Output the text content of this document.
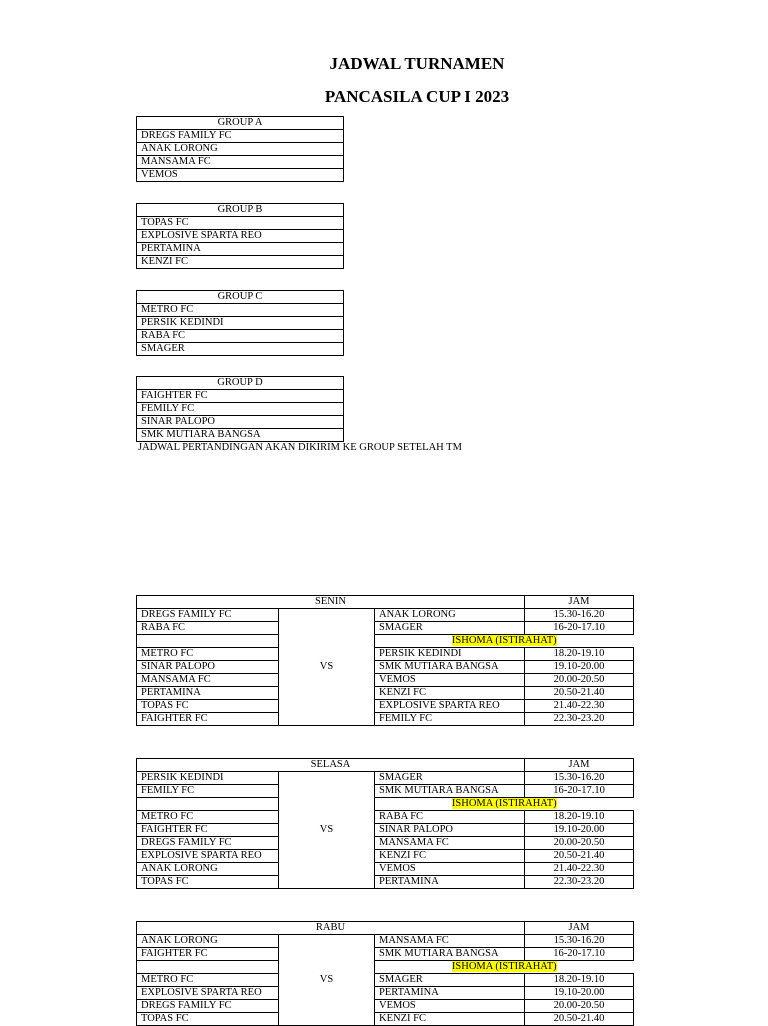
JADWAL TURNAMEN
PANCASILA CUP I 2023
GROUP A
DREGS FAMILY FC
ANAK LORONG
MANSAMA FC
VEMOS
GROUP B
TOPAS FC
EXPLOSIVE SPARTA REO
PERTAMINA
KENZI FC
GROUP C
METRO FC
PERSIK KEDINDI
RABA FC
SMAGER
GROUP D
FAIGHTER FC
FEMILY FC
SINAR PALOPO
SMK MUTIARA BANGSA
JADWAL PERTANDINGAN AKAN DIKIRIM KE GROUP SETELAH TM
SENIN			JAM
DREGS FAMILY FC	VS	ANAK LORONG	15.30-16.20
RABA FC		SMAGER	16-20-17.10
		ISHOMA (ISTIRAHAT)	
METRO FC		PERSIK KEDINDI	18.20-19.10
SINAR PALOPO		SMK MUTIARA BANGSA	19.10-20.00
MANSAMA FC		VEMOS	20.00-20.50
PERTAMINA		KENZI FC	20.50-21.40
TOPAS FC		EXPLOSIVE SPARTA REO	21.40-22.30
FAIGHTER FC		FEMILY FC	22.30-23.20
SELASA			JAM
PERSIK KEDINDI	VS	SMAGER	15.30-16.20
FEMILY FC		SMK MUTIARA BANGSA	16-20-17.10
		ISHOMA (ISTIRAHAT)	
METRO FC		RABA FC	18.20-19.10
FAIGHTER FC		SINAR PALOPO	19.10-20.00
DREGS FAMILY FC		MANSAMA FC	20.00-20.50
EXPLOSIVE SPARTA REO		KENZI FC	20.50-21.40
ANAK LORONG		VEMOS	21.40-22.30
TOPAS FC		PERTAMINA	22.30-23.20
RABU			JAM
ANAK LORONG	VS	MANSAMA FC	15.30-16.20
FAIGHTER FC		SMK MUTIARA BANGSA	16-20-17.10
		ISHOMA (ISTIRAHAT)	
METRO FC		SMAGER	18.20-19.10
EXPLOSIVE SPARTA REO		PERTAMINA	19.10-20.00
DREGS FAMILY FC		VEMOS	20.00-20.50
TOPAS FC		KENZI FC	20.50-21.40
